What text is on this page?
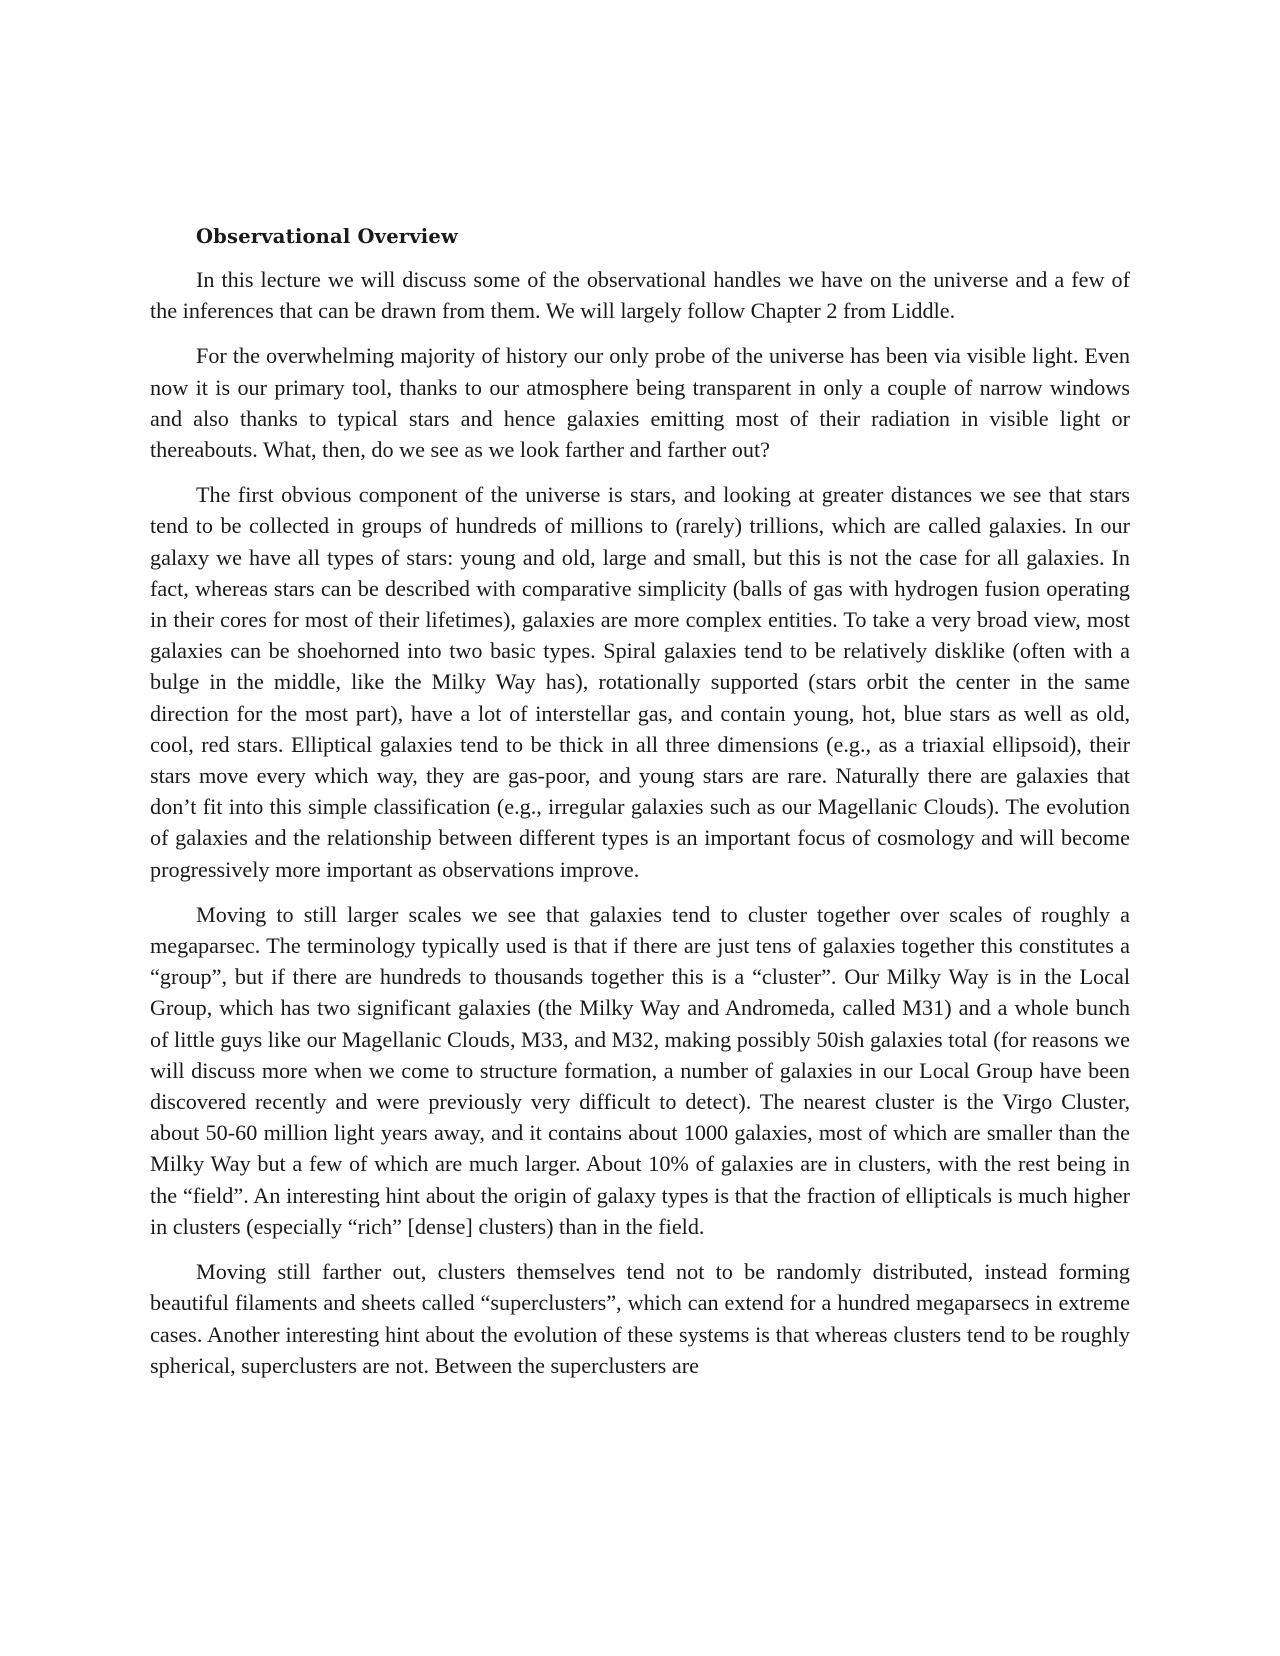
Observational Overview

In this lecture we will discuss some of the observational handles we have on the universe and a few of the inferences that can be drawn from them. We will largely follow Chapter 2 from Liddle.

For the overwhelming majority of history our only probe of the universe has been via visible light. Even now it is our primary tool, thanks to our atmosphere being transparent in only a couple of narrow windows and also thanks to typical stars and hence galaxies emitting most of their radiation in visible light or thereabouts. What, then, do we see as we look farther and farther out?

The first obvious component of the universe is stars, and looking at greater distances we see that stars tend to be collected in groups of hundreds of millions to (rarely) trillions, which are called galaxies. In our galaxy we have all types of stars: young and old, large and small, but this is not the case for all galaxies. In fact, whereas stars can be described with comparative simplicity (balls of gas with hydrogen fusion operating in their cores for most of their lifetimes), galaxies are more complex entities. To take a very broad view, most galaxies can be shoehorned into two basic types. Spiral galaxies tend to be relatively disklike (often with a bulge in the middle, like the Milky Way has), rotationally supported (stars orbit the center in the same direction for the most part), have a lot of interstellar gas, and contain young, hot, blue stars as well as old, cool, red stars. Elliptical galaxies tend to be thick in all three dimensions (e.g., as a triaxial ellipsoid), their stars move every which way, they are gas-poor, and young stars are rare. Naturally there are galaxies that don’t fit into this simple classification (e.g., irregular galaxies such as our Magellanic Clouds). The evolution of galaxies and the relationship between different types is an important focus of cosmology and will become progressively more important as observations improve.

Moving to still larger scales we see that galaxies tend to cluster together over scales of roughly a megaparsec. The terminology typically used is that if there are just tens of galaxies together this constitutes a “group”, but if there are hundreds to thousands together this is a “cluster”. Our Milky Way is in the Local Group, which has two significant galaxies (the Milky Way and Andromeda, called M31) and a whole bunch of little guys like our Magellanic Clouds, M33, and M32, making possibly 50ish galaxies total (for reasons we will discuss more when we come to structure formation, a number of galaxies in our Local Group have been discovered recently and were previously very difficult to detect). The nearest cluster is the Virgo Cluster, about 50-60 million light years away, and it contains about 1000 galaxies, most of which are smaller than the Milky Way but a few of which are much larger. About 10% of galaxies are in clusters, with the rest being in the “field”. An interesting hint about the origin of galaxy types is that the fraction of ellipticals is much higher in clusters (especially “rich” [dense] clusters) than in the field.

Moving still farther out, clusters themselves tend not to be randomly distributed, instead forming beautiful filaments and sheets called “superclusters”, which can extend for a hundred megaparsecs in extreme cases. Another interesting hint about the evolution of these systems is that whereas clusters tend to be roughly spherical, superclusters are not. Between the superclusters are
